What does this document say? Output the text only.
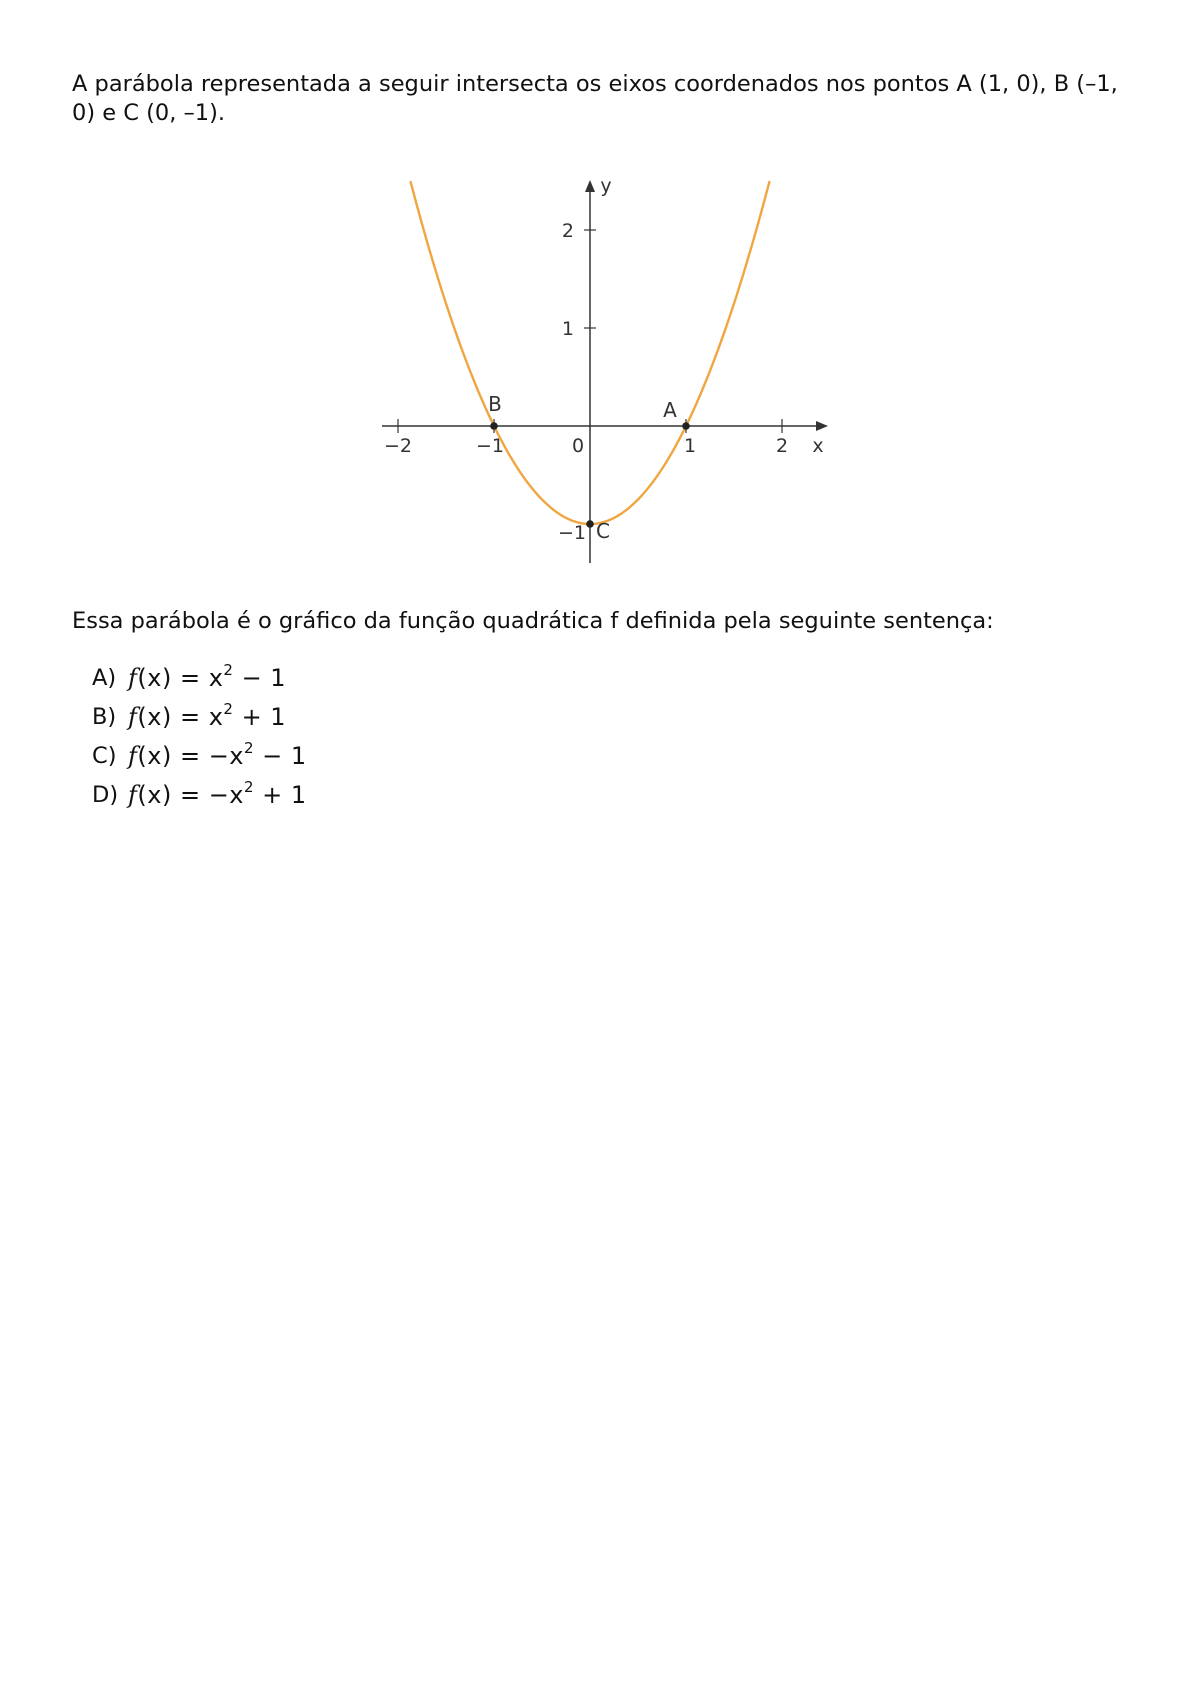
A parábola representada a seguir intersecta os eixos coordenados nos pontos A (1, 0), B (–1, 0) e C (0, –1).

−2	−1	0	1	2
2
1
−1
x
y
A
B
C

Essa parábola é o gráfico da função quadrática f definida pela seguinte sentença:

A) $f(x) = x^2 - 1$
B) $f(x) = x^2 + 1$
C) $f(x) = -x^2 - 1$
D) $f(x) = -x^2 + 1$
